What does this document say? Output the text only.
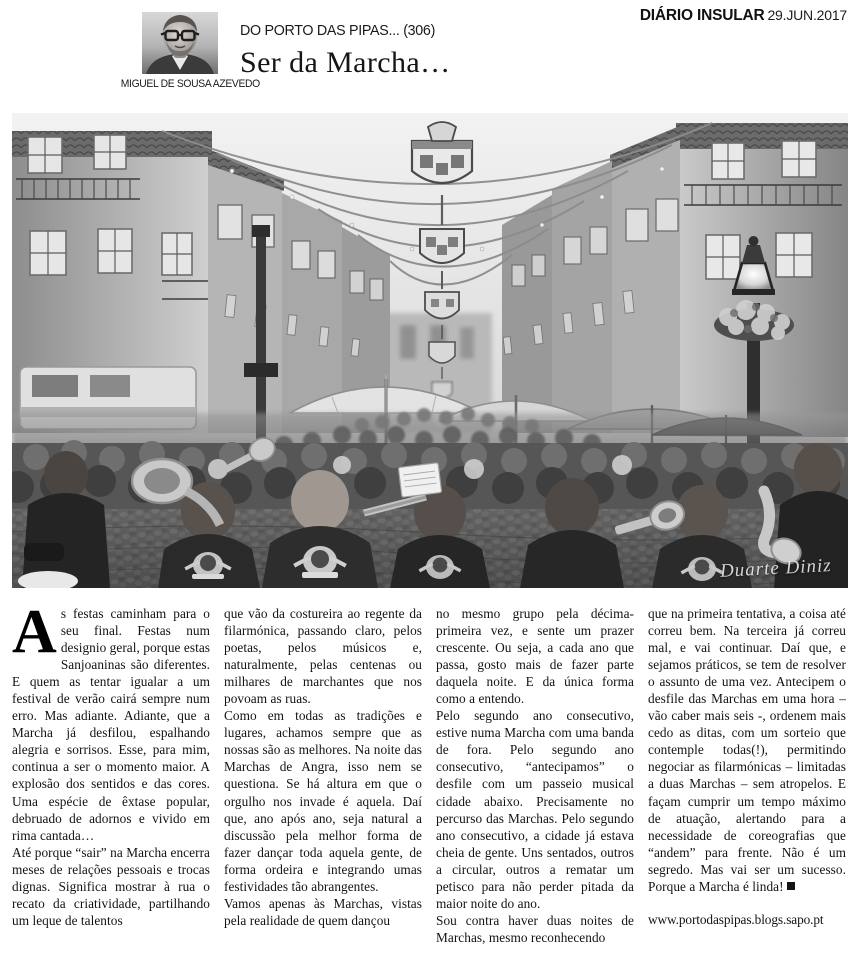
DIÁRIO INSULAR 29.JUN.2017
MIGUEL DE SOUSA AZEVEDO
DO PORTO DAS PIPAS... (306)
Ser da Marcha…
Duarte Diniz

As festas caminham para o seu final. Festas num designio geral, porque estas Sanjoaninas são diferentes. E quem as tentar igualar a um festival de verão cairá sempre num erro. Mas adiante. Adiante, que a Marcha já desfilou, espalhando alegria e sorrisos. Esse, para mim, continua a ser o momento maior. A explosão dos sentidos e das cores. Uma espécie de êxtase popular, debruado de adornos e vivido em rima cantada…

Até porque “sair” na Marcha encerra meses de relações pessoais e trocas dignas. Significa mostrar à rua o recato da criatividade, partilhando um leque de talentos

que vão da costureira ao regente da filarmónica, passando claro, pelos poetas, pelos músicos e, naturalmente, pelas centenas ou milhares de marchantes que nos povoam as ruas.

Como em todas as tradições e lugares, achamos sempre que as nossas são as melhores. Na noite das Marchas de Angra, isso nem se questiona. Se há altura em que o orgulho nos invade é aquela. Daí que, ano após ano, seja natural a discussão pela melhor forma de fazer dançar toda aquela gente, de forma ordeira e integrando umas festividades tão abrangentes.

Vamos apenas às Marchas, vistas pela realidade de quem dançou

no mesmo grupo pela décima-primeira vez, e sente um prazer crescente. Ou seja, a cada ano que passa, gosto mais de fazer parte daquela noite. E da única forma como a entendo.

Pelo segundo ano consecutivo, estive numa Marcha com uma banda de fora. Pelo segundo ano consecutivo, “antecipamos” o desfile com um passeio musical cidade abaixo. Precisamente no percurso das Marchas. Pelo segundo ano consecutivo, a cidade já estava cheia de gente. Uns sentados, outros a circular, outros a rematar um petisco para não perder pitada da maior noite do ano.

Sou contra haver duas noites de Marchas, mesmo reconhecendo

que na primeira tentativa, a coisa até correu bem. Na terceira já correu mal, e vai continuar. Daí que, e sejamos práticos, se tem de resolver o assunto de uma vez. Antecipem o desfile das Marchas em uma hora – vão caber mais seis -, ordenem mais cedo as ditas, com um sorteio que contemple todas(!), permitindo negociar as filarmónicas – limitadas a duas Marchas – sem atropelos. E façam cumprir um tempo máximo de atuação, alertando para a necessidade de coreografias que “andem” para frente. Não é um segredo. Mas vai ser um sucesso. Porque a Marcha é linda!

www.portodaspipas.blogs.sapo.pt
